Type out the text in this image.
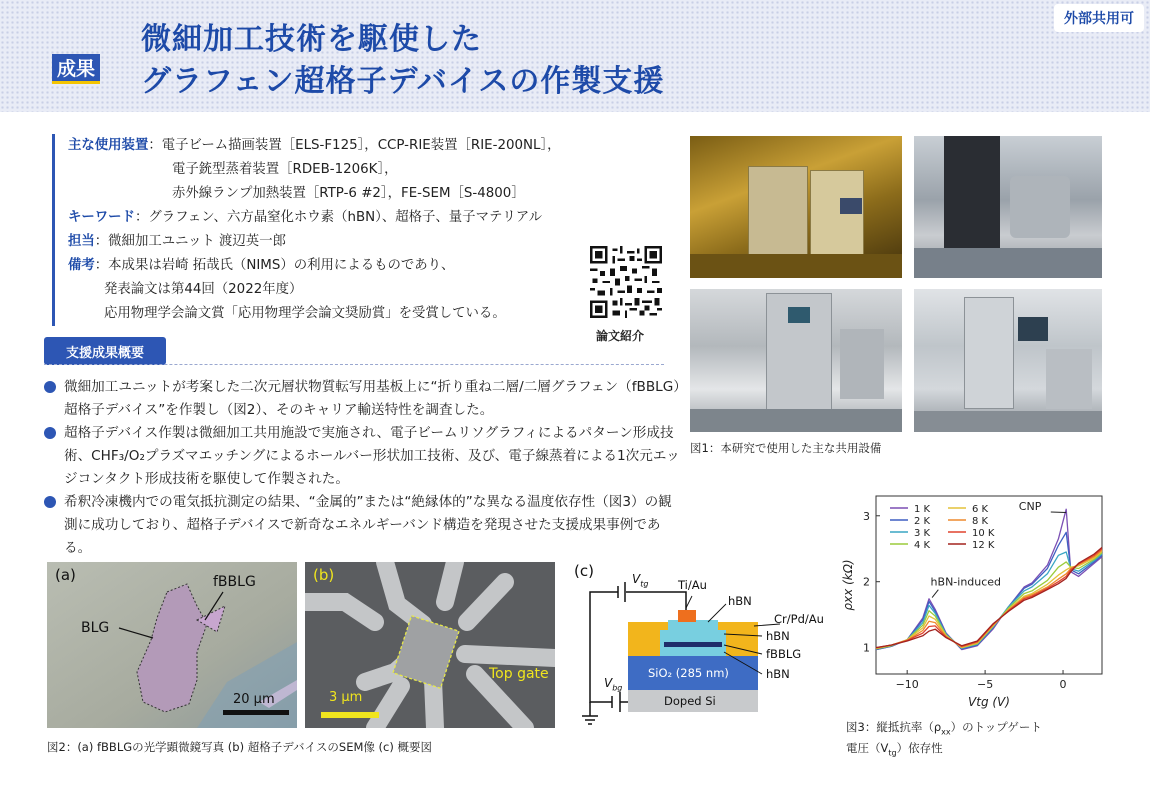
成果
微細加工技術を駆使した
グラフェン超格子デバイスの作製支援
外部共用可
主な使用装置：電子ビーム描画装置［ELS-F125］，CCP-RIE装置［RIE-200NL］，
電子銃型蒸着装置［RDEB-1206K］，
赤外線ランプ加熱装置［RTP-6 #2］，FE-SEM［S-4800］
キーワード：グラフェン、六方晶窒化ホウ素（hBN）、超格子、量子マテリアル
担当：微細加工ユニット 渡辺英一郎
備考：本成果は岩崎 拓哉氏（NIMS）の利用によるものであり、
発表論文は第44回（2022年度）
応用物理学会論文賞「応用物理学会論文奨励賞」を受賞している。
論文紹介
支援成果概要
微細加工ユニットが考案した二次元層状物質転写用基板上に“折り重ね二層/二層グラフェン（fBBLG）超格子デバイス”を作製し（図2）、そのキャリア輸送特性を調査した。
超格子デバイス作製は微細加工共用施設で実施され、電子ビームリソグラフィによるパターン形成技術、CHF₃/O₂プラズマエッチングによるホールバー形状加工技術、及び、電子線蒸着による1次元エッジコンタクト形成技術を駆使して作製された。
希釈冷凍機内での電気抵抗測定の結果、“金属的”または“絶縁体的”な異なる温度依存性（図3）の観測に成功しており、超格子デバイスで新奇なエネルギーバンド構造を発現させた支援成果事例である。
図1：本研究で使用した主な共用設備
(a)	fBBLG
BLG
20 μm
(b)
Top gate
3 μm
(c)	$V_{tg}$
$V_{bg}$
Ti/Au
hBN
Cr/Pd/Au
hBN
fBBLG
hBN
SiO₂ (285 nm)
Doped Si
図2：(a) fBBLGの光学顕微鏡写真 (b) 超格子デバイスのSEM像 (c) 概要図
−10	−5	0
1
2
3
Vtg (V)
ρxx (kΩ)
1 K
2 K
3 K
4 K
6 K
8 K
10 K
12 K
CNP
hBN-induced
図3：縦抵抗率$(\rho_{xx})$のトップゲート
電圧$(V_{tg})$依存性
